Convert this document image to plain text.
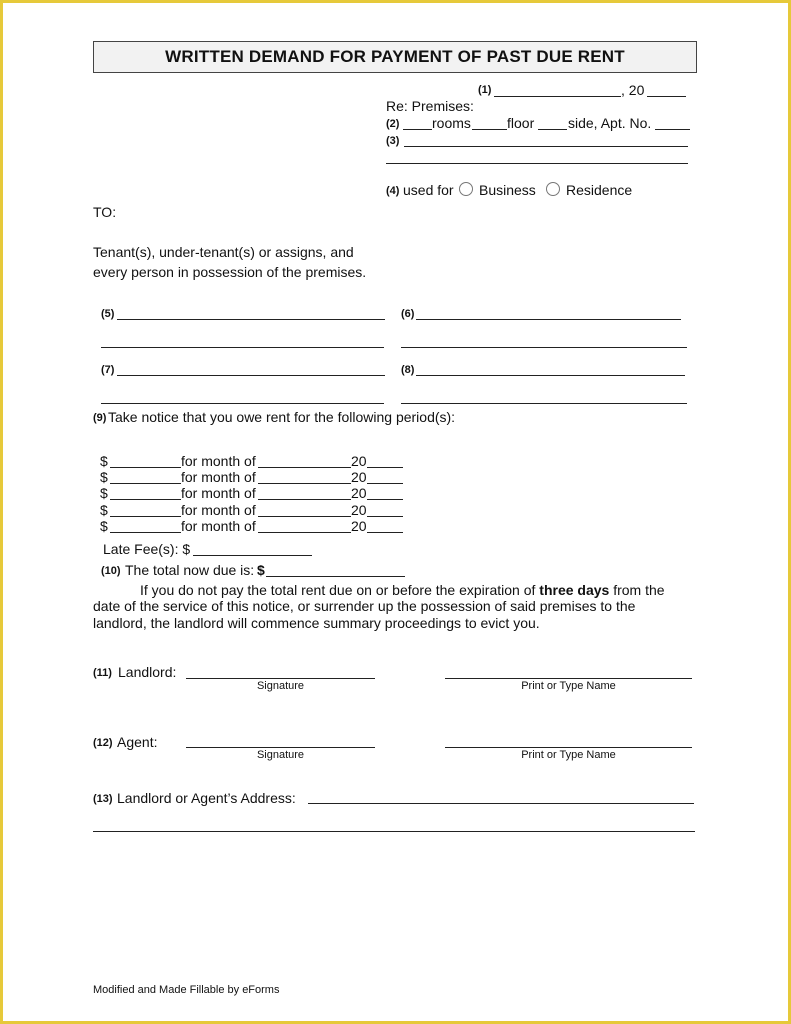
WRITTEN DEMAND FOR PAYMENT OF PAST DUE RENT
(1)	, 20
Re: Premises:
(2) rooms	floor side, Apt. No.
(3)
(4) used for Business Residence
TO:
Tenant(s), under-tenant(s) or assigns, and
every person in possession of the premises.
(5)	(6)
(7)	(8)
(9) Take notice that you owe rent for the following period(s):
$	for month of	20
$	for month of	20
$	for month of	20
$	for month of	20
$	for month of	20
Late Fee(s): $
(10) The total now due is: $
If you do not pay the total rent due on or before the expiration of three days from the
date of the service of this notice, or surrender up the possession of said premises to the
landlord, the landlord will commence summary proceedings to evict you.
(11) Landlord:
Signature	Print or Type Name
(12) Agent:
Signature	Print or Type Name
(13) Landlord or Agent’s Address:
Modified and Made Fillable by eForms
